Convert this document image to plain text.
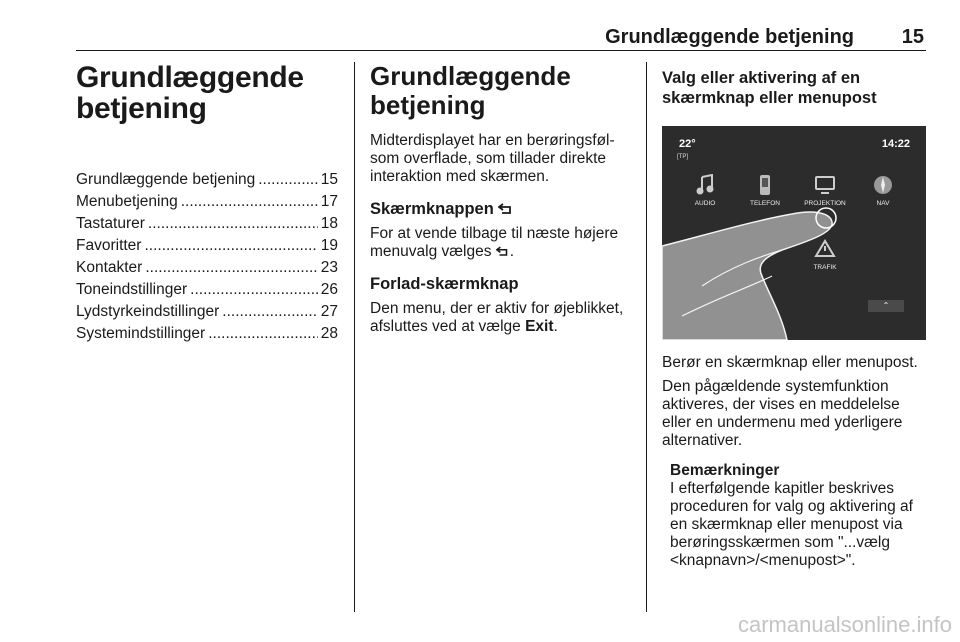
Grundlæggende betjening 15
Grundlæggende betjening
Grundlæggende betjening .....	15
Menubetjening .....	17
Tastaturer .....	18
Favoritter .....	19
Kontakter .....	23
Toneindstillinger .....	26
Lydstyrkeindstillinger .....	27
Systemindstillinger .....	28
Grundlæggende betjening

Midterdisplayet har en berøringsføl-
som overflade, som tillader direkte
interaktion med skærmen.

Skærmknappen

For at vende tilbage til næste højere
menuvalg vælges .

Forlad-skærmknap

Den menu, der er aktiv for øjeblikket,
afsluttes ved at vælge Exit.

Valg eller aktivering af en
skærmknap eller menupost
22°
[TP]
14:22
AUDIO	TELEFON	PROJEKTION	NAV
TRAFIK
⌃

Berør en skærmknap eller menupost.

Den pågældende systemfunktion
aktiveres, der vises en meddelelse
eller en undermenu med yderligere
alternativer.

Bemærkninger

I efterfølgende kapitler beskrives
proceduren for valg og aktivering af
en skærmknap eller menupost via
berøringsskærmen som "...vælg
<knapnavn>/<menupost>".

carmanualsonline.info
